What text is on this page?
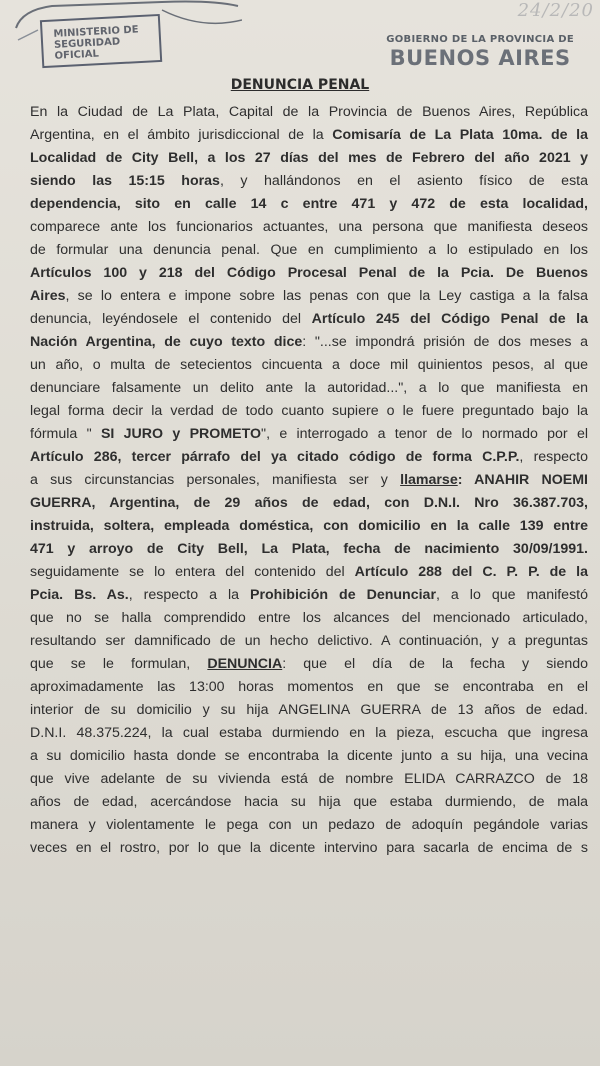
MINISTERIO DE SEGURIDAD OFICIAL
24/2/20
GOBIERNO DE LA PROVINCIA DE
BUENOS AIRES
DENUNCIA PENAL
En la Ciudad de La Plata, Capital de la Provincia de Buenos Aires, República
Argentina, en el ámbito jurisdiccional de la Comisaría de La Plata 10ma. de la
Localidad de City Bell, a los 27 días del mes de Febrero del año 2021 y
siendo las 15:15 horas, y hallándonos en el asiento físico de esta
dependencia, sito en calle 14 c entre 471 y 472 de esta localidad,
comparece ante los funcionarios actuantes, una persona que manifiesta deseos
de formular una denuncia penal. Que en cumplimiento a lo estipulado en los
Artículos 100 y 218 del Código Procesal Penal de la Pcia. De Buenos
Aires, se lo entera e impone sobre las penas con que la Ley castiga a la falsa
denuncia, leyéndosele el contenido del Artículo 245 del Código Penal de la
Nación Argentina, de cuyo texto dice: "...se impondrá prisión de dos meses a
un año, o multa de setecientos cincuenta a doce mil quinientos pesos, al que
denunciare falsamente un delito ante la autoridad...", a lo que manifiesta en
legal forma decir la verdad de todo cuanto supiere o le fuere preguntado bajo la
fórmula " SI JURO y PROMETO", e interrogado a tenor de lo normado por el
Artículo 286, tercer párrafo del ya citado código de forma C.P.P., respecto
a sus circunstancias personales, manifiesta ser y llamarse: ANAHIR NOEMI
GUERRA, Argentina, de 29 años de edad, con D.N.I. Nro 36.387.703,
instruida, soltera, empleada doméstica, con domicilio en la calle 139 entre
471 y arroyo de City Bell, La Plata, fecha de nacimiento 30/09/1991.
seguidamente se lo entera del contenido del Artículo 288 del C. P. P. de la
Pcia. Bs. As., respecto a la Prohibición de Denunciar, a lo que manifestó
que no se halla comprendido entre los alcances del mencionado articulado,
resultando ser damnificado de un hecho delictivo. A continuación, y a preguntas
que se le formulan, DENUNCIA: que el día de la fecha y siendo
aproximadamente las 13:00 horas momentos en que se encontraba en el
interior de su domicilio y su hija ANGELINA GUERRA de 13 años de edad.
D.N.I. 48.375.224, la cual estaba durmiendo en la pieza, escucha que ingresa
a su domicilio hasta donde se encontraba la dicente junto a su hija, una vecina
que vive adelante de su vivienda está de nombre ELIDA CARRAZCO de 18
años de edad, acercándose hacia su hija que estaba durmiendo, de mala
manera y violentamente le pega con un pedazo de adoquín pegándole varias
veces en el rostro, por lo que la dicente intervino para sacarla de encima de s
